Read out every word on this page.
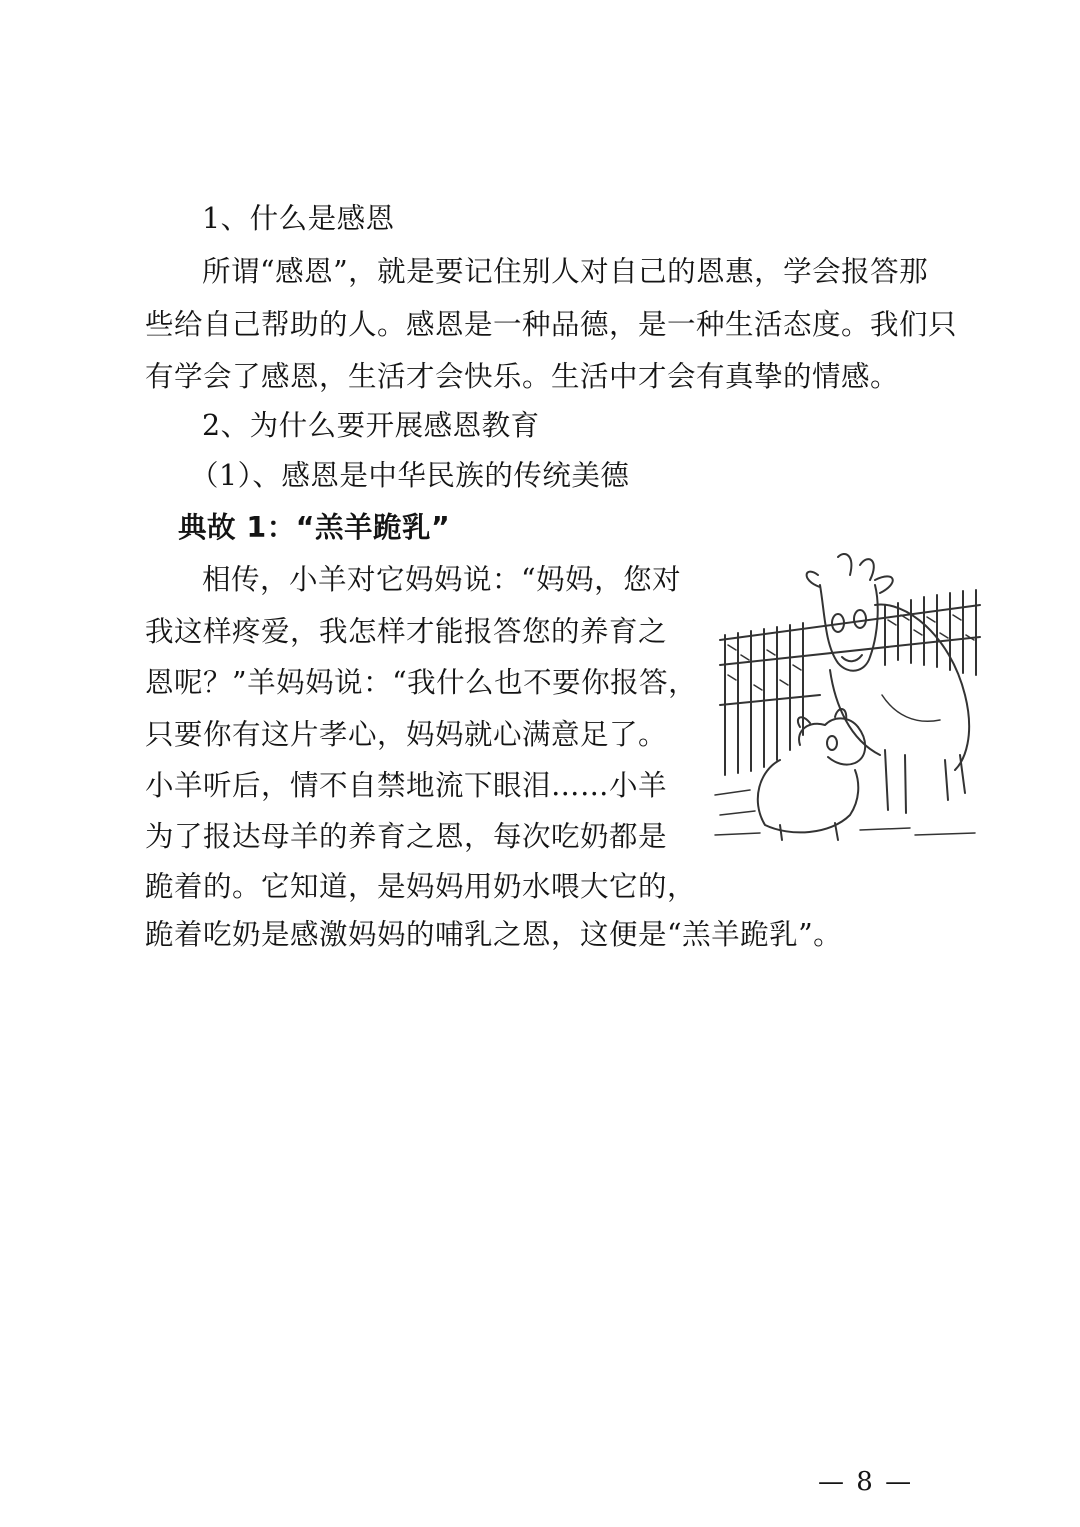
1、什么是感恩
所谓“感恩”，就是要记住别人对自己的恩惠，学会报答那
些给自己帮助的人。感恩是一种品德，是一种生活态度。我们只
有学会了感恩，生活才会快乐。生活中才会有真挚的情感。
2、为什么要开展感恩教育
（1）、感恩是中华民族的传统美德
典故 1：“羔羊跪乳”
相传，小羊对它妈妈说：“妈妈，您对
我这样疼爱，我怎样才能报答您的养育之
恩呢？”羊妈妈说：“我什么也不要你报答，
只要你有这片孝心，妈妈就心满意足了。
小羊听后，情不自禁地流下眼泪……小羊
为了报达母羊的养育之恩，每次吃奶都是
跪着的。它知道，是妈妈用奶水喂大它的，
跪着吃奶是感激妈妈的哺乳之恩，这便是“羔羊跪乳”。
— 8 —
